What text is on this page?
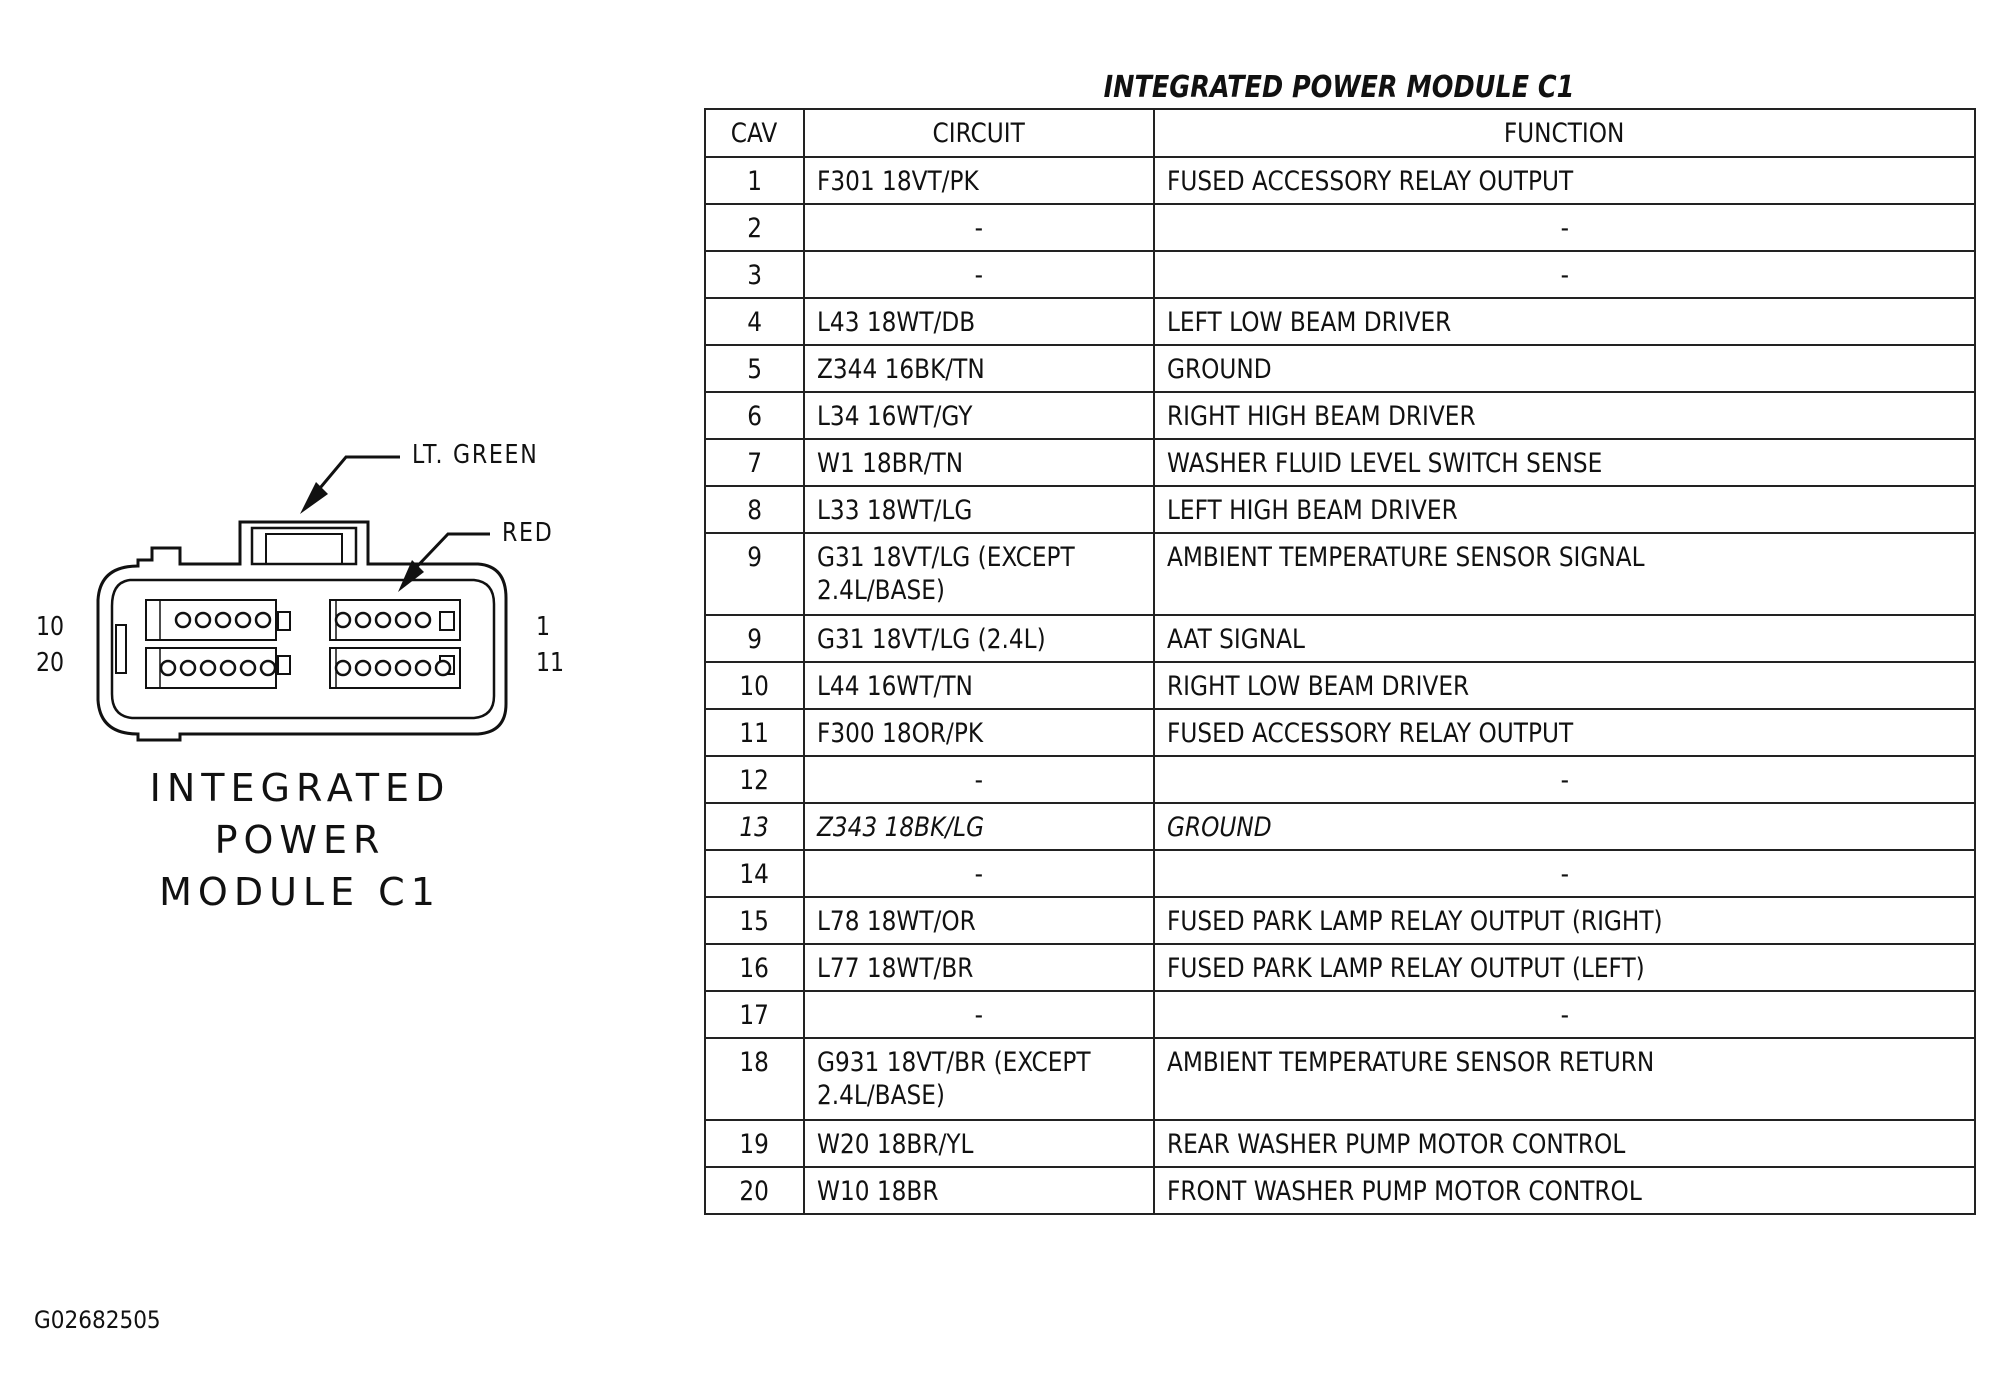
LT. GREEN
RED
10
20
1
11
INTEGRATED
POWER
MODULE C1
INTEGRATED POWER MODULE C1
CAV	CIRCUIT	FUNCTION
1	F301 18VT/PK	FUSED ACCESSORY RELAY OUTPUT
2	-	-
3	-	-
4	L43 18WT/DB	LEFT LOW BEAM DRIVER
5	Z344 16BK/TN	GROUND
6	L34 16WT/GY	RIGHT HIGH BEAM DRIVER
7	W1 18BR/TN	WASHER FLUID LEVEL SWITCH SENSE
8	L33 18WT/LG	LEFT HIGH BEAM DRIVER
9	G31 18VT/LG (EXCEPT 2.4L/BASE)	AMBIENT TEMPERATURE SENSOR SIGNAL
9	G31 18VT/LG (2.4L)	AAT SIGNAL
10	L44 16WT/TN	RIGHT LOW BEAM DRIVER
11	F300 18OR/PK	FUSED ACCESSORY RELAY OUTPUT
12	-	-
13	Z343 18BK/LG	GROUND
14	-	-
15	L78 18WT/OR	FUSED PARK LAMP RELAY OUTPUT (RIGHT)
16	L77 18WT/BR	FUSED PARK LAMP RELAY OUTPUT (LEFT)
17	-	-
18	G931 18VT/BR (EXCEPT 2.4L/BASE)	AMBIENT TEMPERATURE SENSOR RETURN
19	W20 18BR/YL	REAR WASHER PUMP MOTOR CONTROL
20	W10 18BR	FRONT WASHER PUMP MOTOR CONTROL
G02682505
